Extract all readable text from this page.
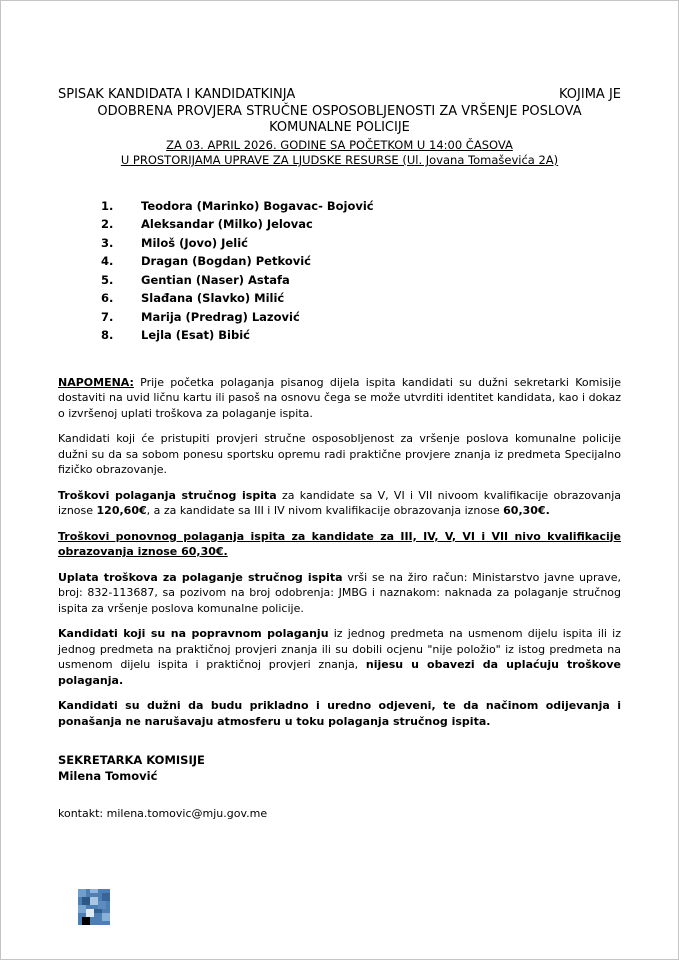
SPISAK KANDIDATA I KANDIDATKINJA	KOJIMA JE
ODOBRENA PROVJERA STRUČNE OSPOSOBLJENOSTI ZA VRŠENJE POSLOVA
KOMUNALNE POLICIJE
ZA 03. APRIL 2026. GODINE SA POČETKOM U 14:00 ČASOVA
U PROSTORIJAMA UPRAVE ZA LJUDSKE RESURSE (Ul. Jovana Tomaševića 2A)
1.	Teodora (Marinko) Bogavac- Bojović
2.	Aleksandar (Milko) Jelovac
3.	Miloš (Jovo) Jelić
4.	Dragan (Bogdan) Petković
5.	Gentian (Naser) Astafa
6.	Slađana (Slavko) Milić
7.	Marija (Predrag) Lazović
8.	Lejla (Esat) Bibić

NAPOMENA: Prije početka polaganja pisanog dijela ispita kandidati su dužni sekretarki Komisije dostaviti na uvid ličnu kartu ili pasoš na osnovu čega se može utvrditi identitet kandidata, kao i dokaz o izvršenoj uplati troškova za polaganje ispita.

Kandidati koji će pristupiti provjeri stručne osposobljenost za vršenje poslova komunalne policije dužni su da sa sobom ponesu sportsku opremu radi praktične provjere znanja iz predmeta Specijalno fizičko obrazovanje.

Troškovi polaganja stručnog ispita za kandidate sa V, VI i VII nivoom kvalifikacije obrazovanja iznose 120,60€, a za kandidate sa III i IV nivom kvalifikacije obrazovanja iznose 60,30€.

Troškovi ponovnog polaganja ispita za kandidate za III, IV, V, VI i VII nivo kvalifikacije obrazovanja iznose 60,30€.

Uplata troškova za polaganje stručnog ispita vrši se na žiro račun: Ministarstvo javne uprave, broj: 832-113687, sa pozivom na broj odobrenja: JMBG i naznakom: naknada za polaganje stručnog ispita za vršenje poslova komunalne policije.

Kandidati koji su na popravnom polaganju iz jednog predmeta na usmenom dijelu ispita ili iz jednog predmeta na praktičnoj provjeri znanja ili su dobili ocjenu "nije položio" iz istog predmeta na usmenom dijelu ispita i praktičnoj provjeri znanja, nijesu u obavezi da uplaćuju troškove polaganja.

Kandidati su dužni da budu prikladno i uredno odjeveni, te da načinom odijevanja i ponašanja ne narušavaju atmosferu u toku polaganja stručnog ispita.

SEKRETARKA KOMISIJE
Milena Tomović
kontakt: milena.tomovic@mju.gov.me
